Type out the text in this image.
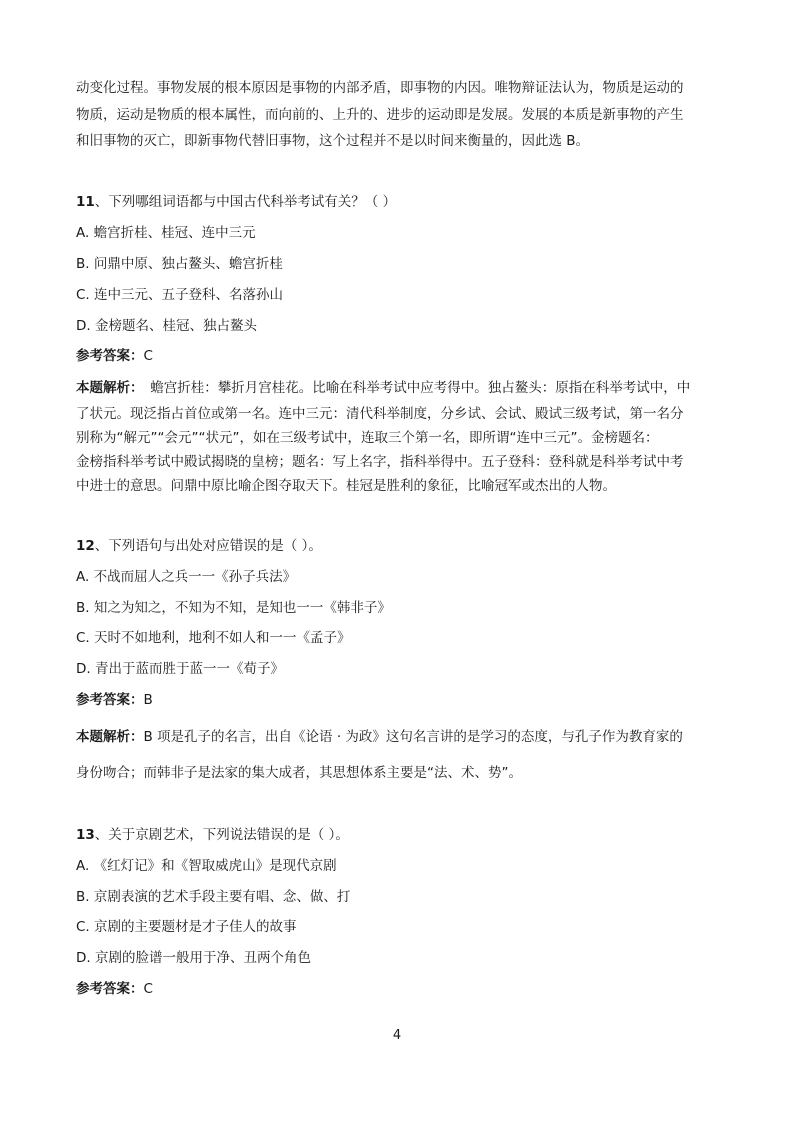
动变化过程。事物发展的根本原因是事物的内部矛盾，即事物的内因。唯物辩证法认为，物质是运动的
物质，运动是物质的根本属性，而向前的、上升的、进步的运动即是发展。发展的本质是新事物的产生
和旧事物的灭亡，即新事物代替旧事物，这个过程并不是以时间来衡量的，因此选 B。
11、下列哪组词语都与中国古代科举考试有关？（ ）
A. 蟾宫折桂、桂冠、连中三元
B. 问鼎中原、独占鳌头、蟾宫折桂
C. 连中三元、五子登科、名落孙山
D. 金榜题名、桂冠、独占鳌头
参考答案：C
本题解析：　蟾宫折桂：攀折月宫桂花。比喻在科举考试中应考得中。独占鳌头：原指在科举考试中，中
了状元。现泛指占首位或第一名。连中三元：清代科举制度，分乡试、会试、殿试三级考试，第一名分
别称为“解元”“会元”“状元”，如在三级考试中，连取三个第一名，即所谓“连中三元”。金榜题名：
金榜指科举考试中殿试揭晓的皇榜；题名：写上名字，指科举得中。五子登科：登科就是科举考试中考
中进士的意思。问鼎中原比喻企图夺取天下。桂冠是胜利的象征，比喻冠军或杰出的人物。
12、下列语句与出处对应错误的是（ ）。
A. 不战而屈人之兵一一《孙子兵法》
B. 知之为知之，不知为不知，是知也一一《韩非子》
C. 天时不如地利，地利不如人和一一《孟子》
D. 青出于蓝而胜于蓝一一《荀子》
参考答案：B
本题解析：B 项是孔子的名言，出自《论语 · 为政》这句名言讲的是学习的态度，与孔子作为教育家的
身份吻合；而韩非子是法家的集大成者，其思想体系主要是“法、术、势”。
13、关于京剧艺术，下列说法错误的是（ ）。
A. 《红灯记》和《智取威虎山》是现代京剧
B. 京剧表演的艺术手段主要有唱、念、做、打
C. 京剧的主要题材是才子佳人的故事
D. 京剧的脸谱一般用于净、丑两个角色
参考答案：C
4
